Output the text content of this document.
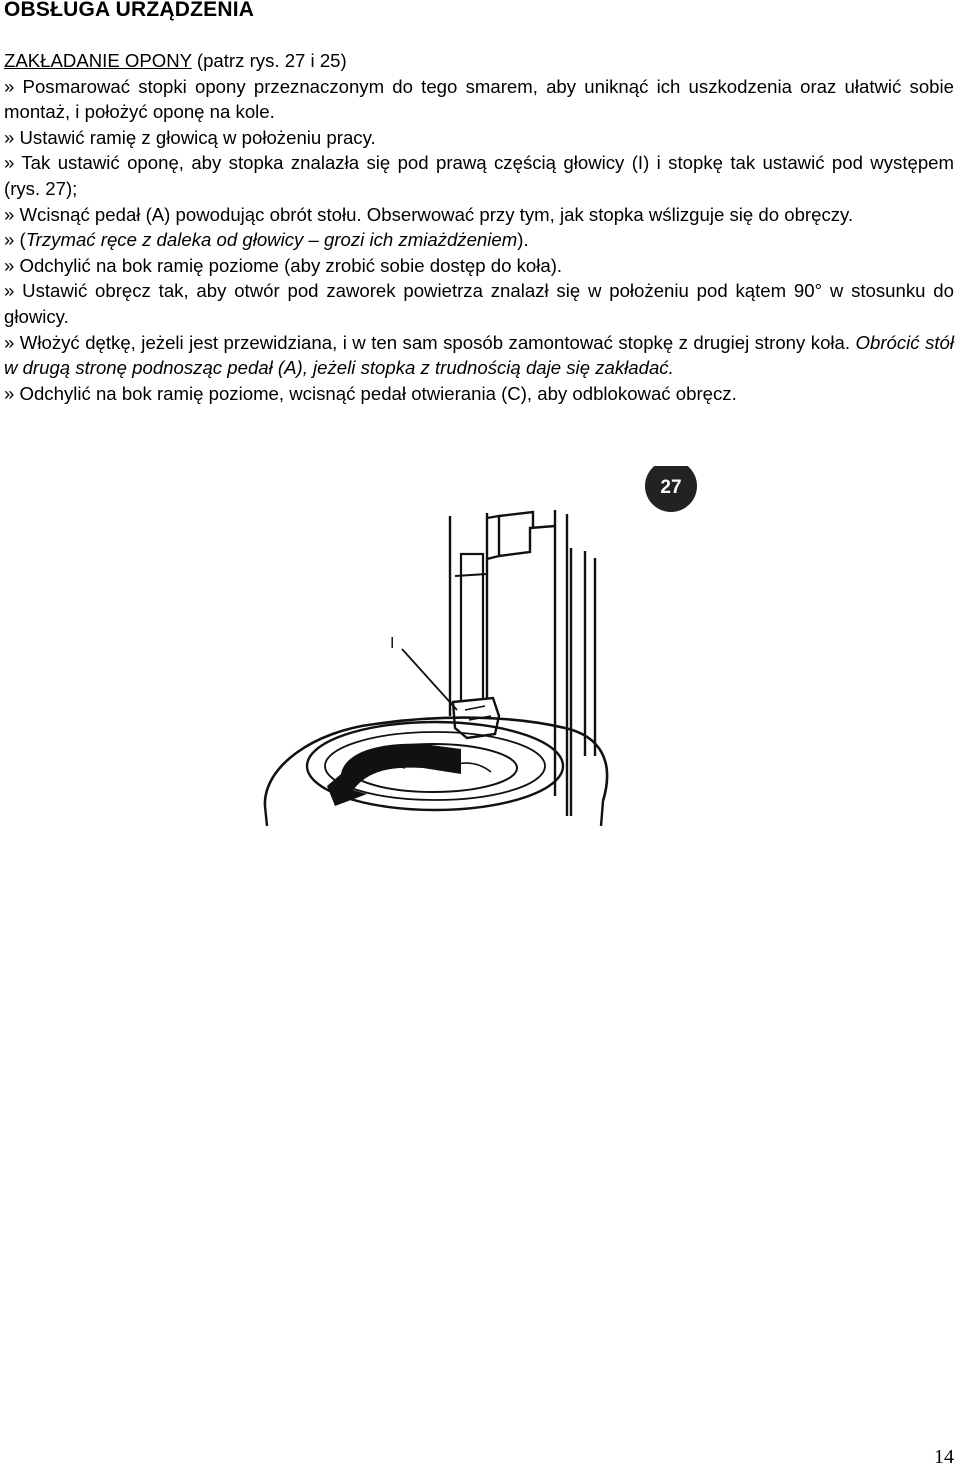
OBSŁUGA URZĄDZENIA

ZAKŁADANIE OPONY (patrz rys. 27 i 25)

» Posmarować stopki opony przeznaczonym do tego smarem, aby uniknąć ich uszkodzenia oraz ułatwić sobie montaż, i położyć oponę na kole.

» Ustawić ramię z głowicą w położeniu pracy.

» Tak ustawić oponę, aby stopka znalazła się pod prawą częścią głowicy (I) i stopkę tak ustawić pod występem (rys. 27);

» Wcisnąć pedał (A) powodując obrót stołu. Obserwować przy tym, jak stopka wślizguje się do obręczy.

» (Trzymać ręce z daleka od głowicy – grozi ich zmiażdżeniem).

» Odchylić na bok ramię poziome (aby zrobić sobie dostęp do koła).

» Ustawić obręcz tak, aby otwór pod zaworek powietrza znalazł się w położeniu pod kątem 90° w stosunku do głowicy.

» Włożyć dętkę, jeżeli jest przewidziana, i w ten sam sposób zamontować stopkę z drugiej strony koła. Obrócić stół w drugą stronę podnosząc pedał (A), jeżeli stopka z trudnością daje się zakładać.

» Odchylić na bok ramię poziome, wcisnąć pedał otwierania (C), aby odblokować obręcz.

27
I
14
